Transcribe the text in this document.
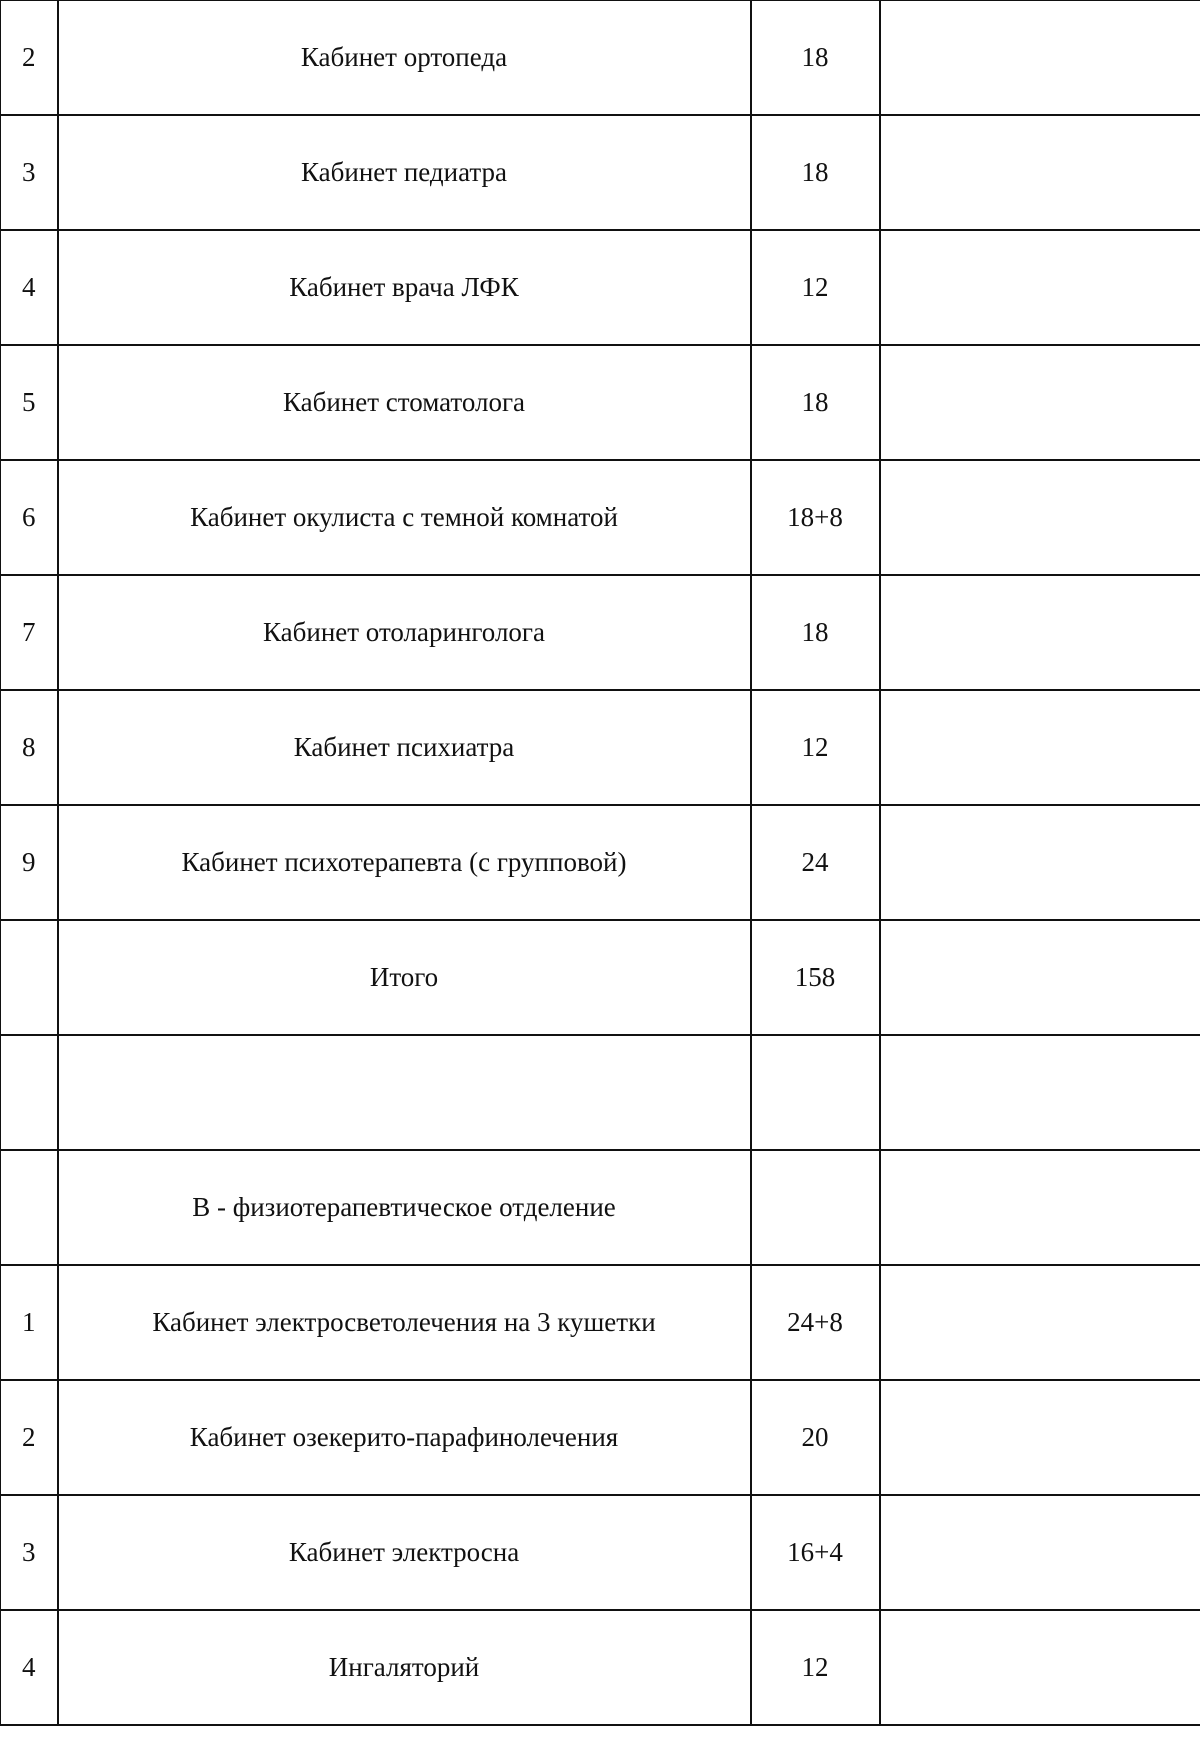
2	Кабинет ортопеда	18	
3	Кабинет педиатра	18	
4	Кабинет врача ЛФК	12	
5	Кабинет стоматолога	18	
6	Кабинет окулиста с темной комнатой	18+8	
7	Кабинет отоларинголога	18	
8	Кабинет психиатра	12	
9	Кабинет психотерапевта (с групповой)	24	
	Итого	158	

	В - физиотерапевтическое отделение		
1	Кабинет электросветолечения на 3 кушетки	24+8	
2	Кабинет озекерито-парафинолечения	20	
3	Кабинет электросна	16+4	
4	Ингаляторий	12	
